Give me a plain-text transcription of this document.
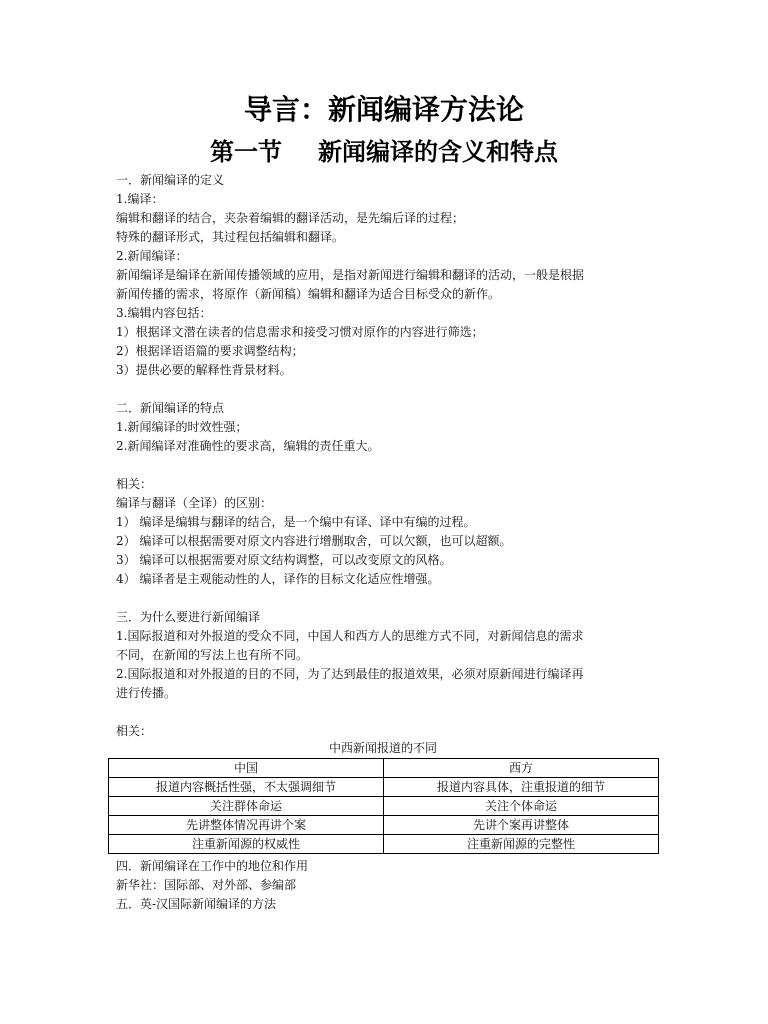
导言：新闻编译方法论
第一节 新闻编译的含义和特点
一．新闻编译的定义
1.编译：
编辑和翻译的结合，夹杂着编辑的翻译活动，是先编后译的过程；
特殊的翻译形式，其过程包括编辑和翻译。
2.新闻编译：
新闻编译是编译在新闻传播领域的应用，是指对新闻进行编辑和翻译的活动，一般是根据
新闻传播的需求，将原作（新闻稿）编辑和翻译为适合目标受众的新作。
3.编辑内容包括：
1）根据译文潜在读者的信息需求和接受习惯对原作的内容进行筛选；
2）根据译语语篇的要求调整结构；
3）提供必要的解释性背景材料。
二．新闻编译的特点
1.新闻编译的时效性强；
2.新闻编译对准确性的要求高，编辑的责任重大。
相关：
编译与翻译（全译）的区别：
1） 编译是编辑与翻译的结合，是一个编中有译、译中有编的过程。
2） 编译可以根据需要对原文内容进行增删取舍，可以欠额，也可以超额。
3） 编译可以根据需要对原文结构调整，可以改变原文的风格。
4） 编译者是主观能动性的人，译作的目标文化适应性增强。
三．为什么要进行新闻编译
1.国际报道和对外报道的受众不同，中国人和西方人的思维方式不同，对新闻信息的需求
不同，在新闻的写法上也有所不同。
2.国际报道和对外报道的目的不同，为了达到最佳的报道效果，必须对原新闻进行编译再
进行传播。
相关：
中西新闻报道的不同
中国	西方
报道内容概括性强，不太强调细节	报道内容具体，注重报道的细节
关注群体命运	关注个体命运
先讲整体情况再讲个案	先讲个案再讲整体
注重新闻源的权威性	注重新闻源的完整性
四．新闻编译在工作中的地位和作用
新华社：国际部、对外部、参编部
五．英-汉国际新闻编译的方法
